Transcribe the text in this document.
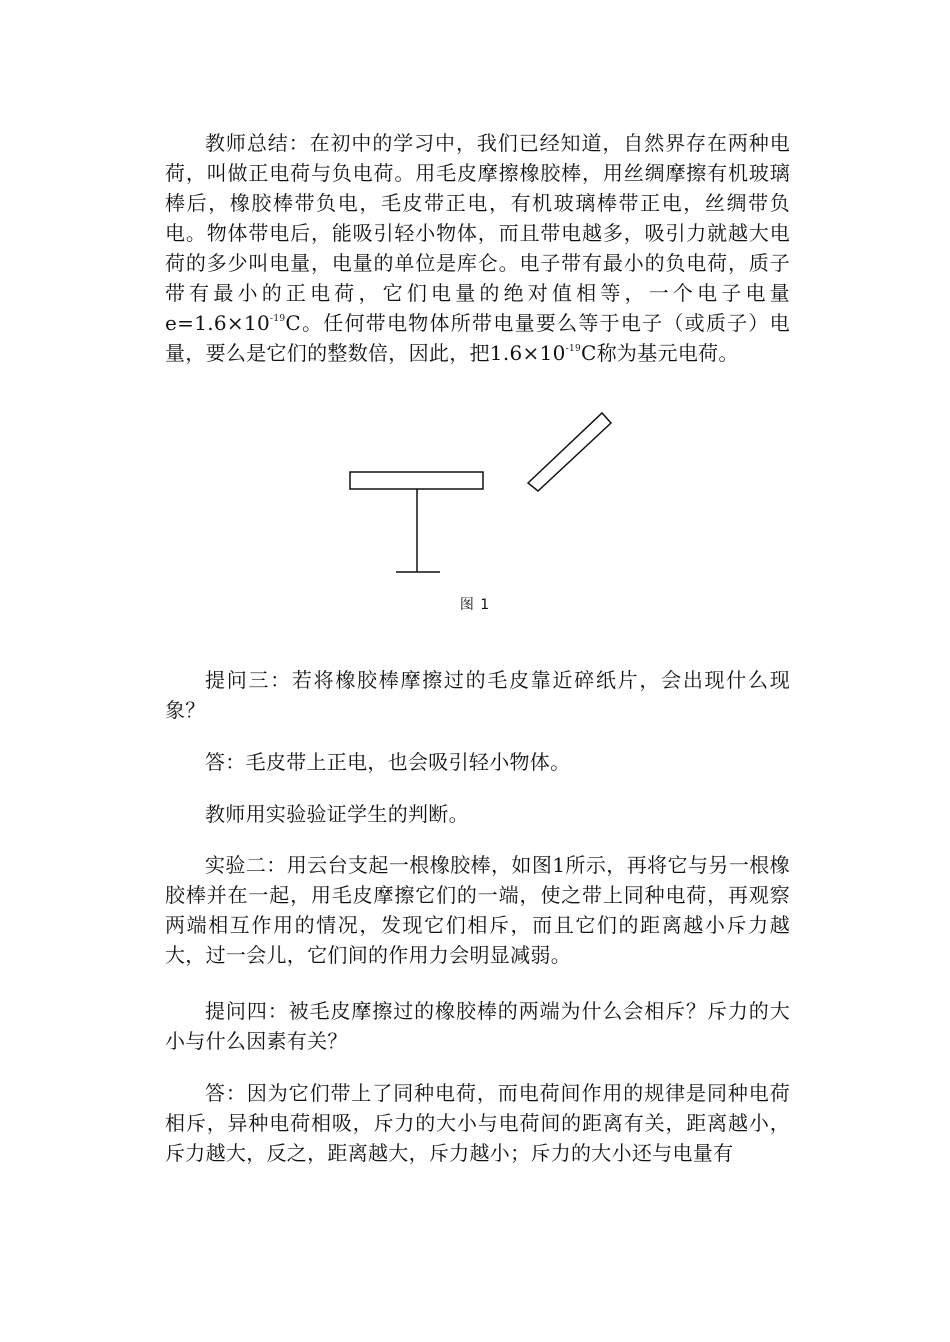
教师总结：在初中的学习中，我们已经知道，自然界存在两种电荷，叫做正电荷与负电荷。用毛皮摩擦橡胶棒，用丝绸摩擦有机玻璃棒后，橡胶棒带负电，毛皮带正电，有机玻璃棒带正电，丝绸带负电。物体带电后，能吸引轻小物体，而且带电越多，吸引力就越大电荷的多少叫电量，电量的单位是库仑。电子带有最小的负电荷，质子带有最小的正电荷，它们电量的绝对值相等，一个电子电量$e=1.6\times 10^{-19}C$。任何带电物体所带电量要么等于电子（或质子）电量，要么是它们的整数倍，因此，把$1.6\times 10^{-19}C$称为基元电荷。

图 1

提问三：若将橡胶棒摩擦过的毛皮靠近碎纸片，会出现什么现象？

答：毛皮带上正电，也会吸引轻小物体。

教师用实验验证学生的判断。

实验二：用云台支起一根橡胶棒，如图1所示，再将它与另一根橡胶棒并在一起，用毛皮摩擦它们的一端，使之带上同种电荷，再观察两端相互作用的情况，发现它们相斥，而且它们的距离越小斥力越大，过一会儿，它们间的作用力会明显减弱。

提问四：被毛皮摩擦过的橡胶棒的两端为什么会相斥？斥力的大小与什么因素有关？

答：因为它们带上了同种电荷，而电荷间作用的规律是同种电荷相斥，异种电荷相吸，斥力的大小与电荷间的距离有关，距离越小，斥力越大，反之，距离越大，斥力越小；斥力的大小还与电量有
